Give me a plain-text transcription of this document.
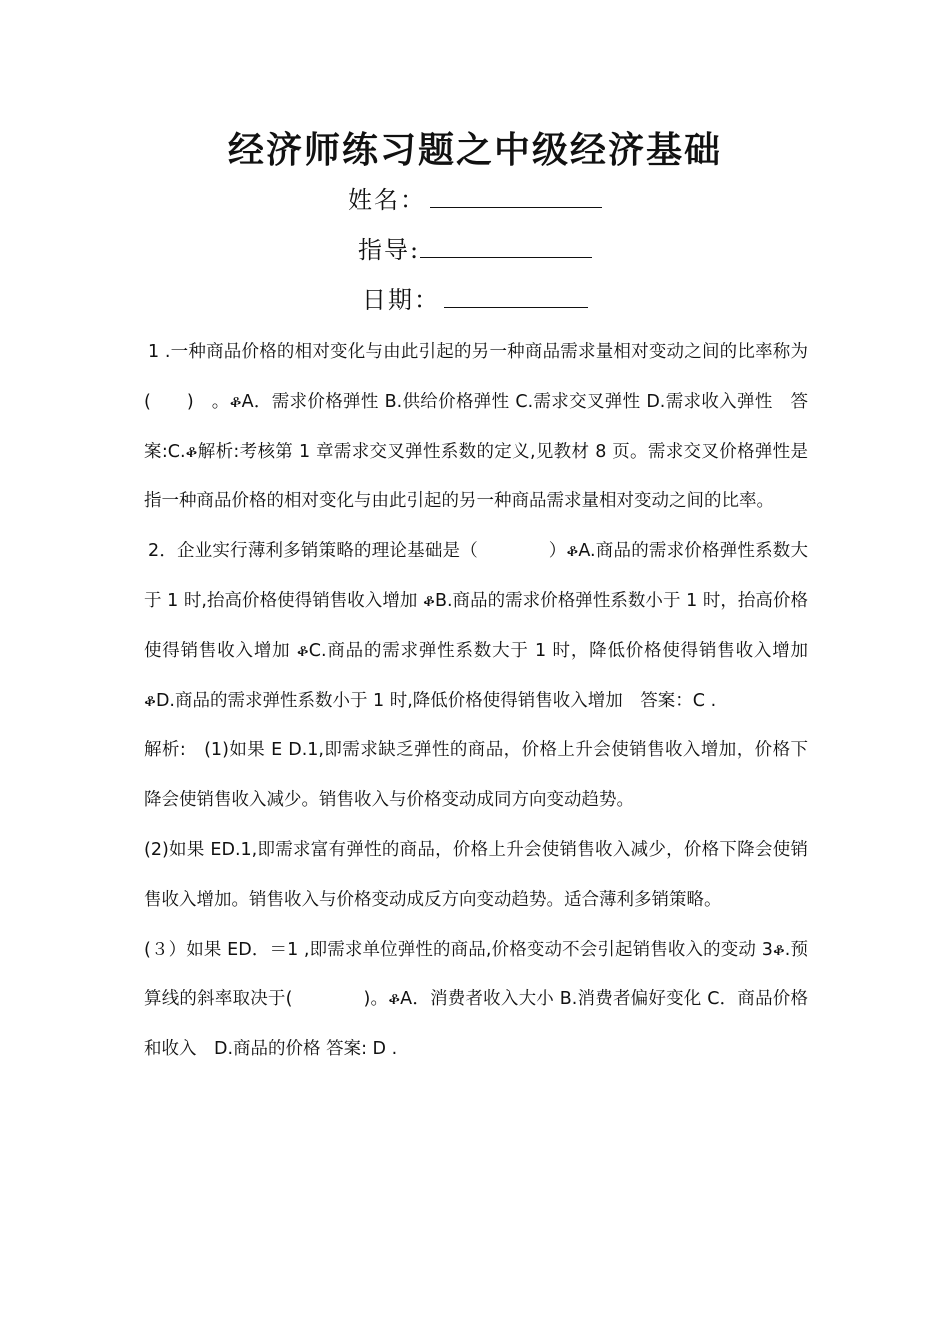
经济师练习题之中级经济基础
姓名：
指导:
日期：

1 .一种商品价格的相对变化与由此引起的另一种商品需求量相对变动之间的比率称为(　　)　。ቆA．需求价格弹性 B.供给价格弹性 C.需求交叉弹性 D.需求收入弹性　答案:C.ቆ解析:考核第 1 章需求交叉弹性系数的定义,见教材 8 页。需求交叉价格弹性是指一种商品价格的相对变化与由此引起的另一种商品需求量相对变动之间的比率。

2．企业实行薄利多销策略的理论基础是（　　　　）ቆA.商品的需求价格弹性系数大于 1 时,抬高价格使得销售收入增加 ቆB.商品的需求价格弹性系数小于 1 时，抬高价格使得销售收入增加 ቆC.商品的需求弹性系数大于 1 时，降低价格使得销售收入增加 ቆD.商品的需求弹性系数小于 1 时,降低价格使得销售收入增加　答案：C .

解析:　(1)如果 E D.1,即需求缺乏弹性的商品，价格上升会使销售收入增加，价格下降会使销售收入减少。销售收入与价格变动成同方向变动趋势。

(2)如果 ED.1,即需求富有弹性的商品，价格上升会使销售收入减少，价格下降会使销售收入增加。销售收入与价格变动成反方向变动趋势。适合薄利多销策略。

(３）如果 ED．＝1 ,即需求单位弹性的商品,价格变动不会引起销售收入的变动 3ቆ.预算线的斜率取决于(　　　　)。ቆA．消费者收入大小 B.消费者偏好变化 C．商品价格和收入　D.商品的价格 答案: D .
